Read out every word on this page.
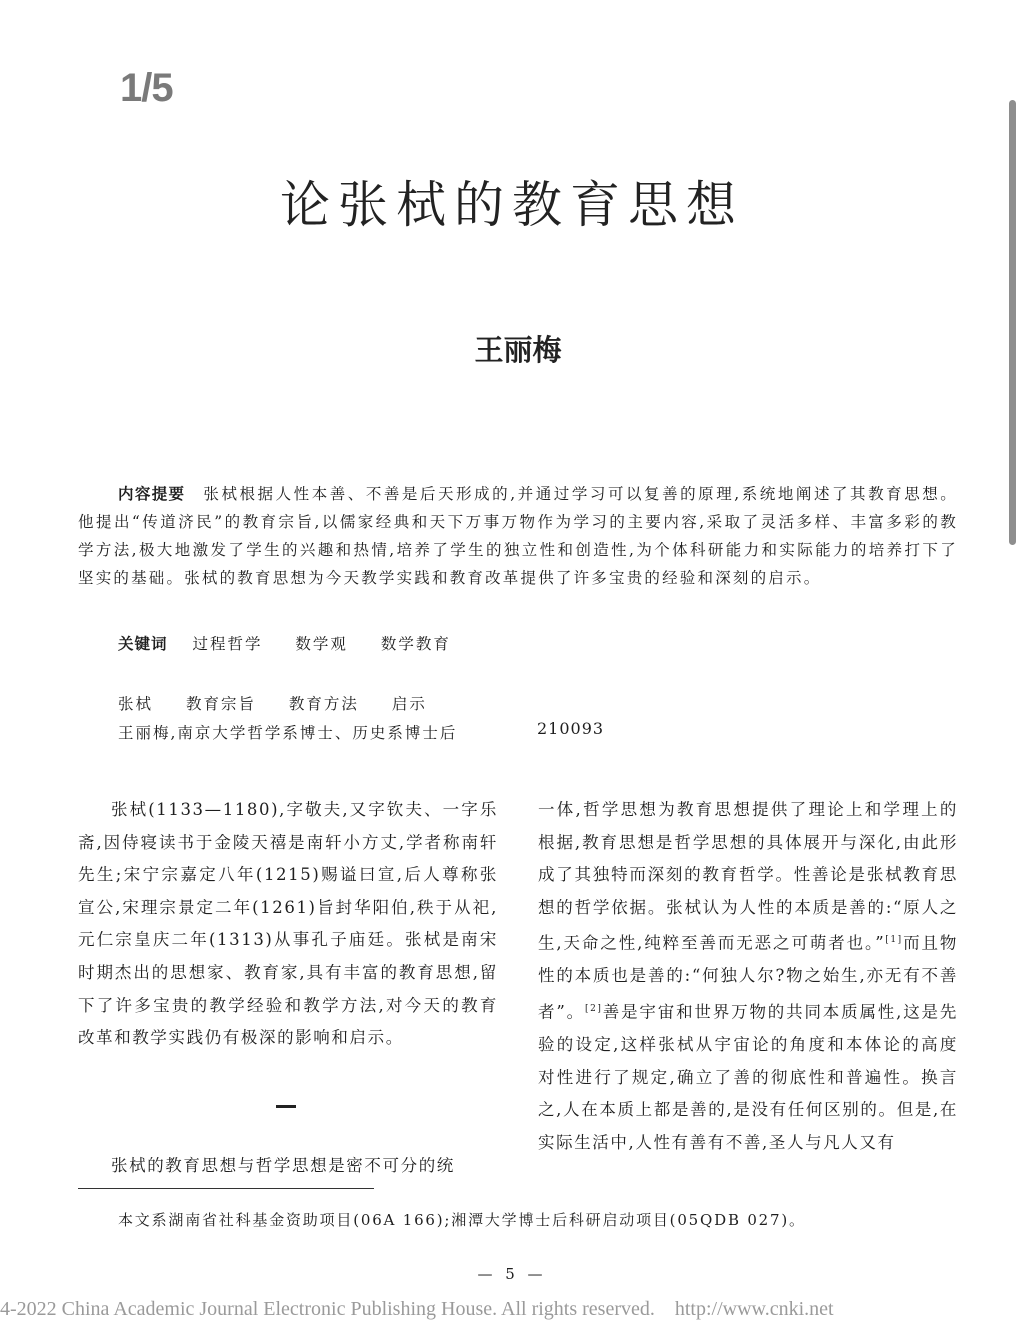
1/5
论张栻的教育思想
王丽梅
内容提要 张栻根据人性本善、不善是后天形成的,并通过学习可以复善的原理,系统地阐述了其教育思想。他提出“传道济民”的教育宗旨,以儒家经典和天下万事万物作为学习的主要内容,采取了灵活多样、丰富多彩的教学方法,极大地激发了学生的兴趣和热情,培养了学生的独立性和创造性,为个体科研能力和实际能力的培养打下了坚实的基础。张栻的教育思想为今天教学实践和教育改革提供了许多宝贵的经验和深刻的启示。
关键词 过程哲学 数学观 数学教育
张栻 教育宗旨 教育方法 启示
王丽梅,南京大学哲学系博士、历史系博士后	210093

张栻(1133—1180),字敬夫,又字钦夫、一字乐斋,因侍寝读书于金陵天禧是南轩小方丈,学者称南轩先生;宋宁宗嘉定八年(1215)赐谥曰宣,后人尊称张宣公,宋理宗景定二年(1261)旨封华阳伯,秩于从祀,元仁宗皇庆二年(1313)从事孔子庙廷。张栻是南宋时期杰出的思想家、教育家,具有丰富的教育思想,留下了许多宝贵的教学经验和教学方法,对今天的教育改革和教学实践仍有极深的影响和启示。

张栻的教育思想与哲学思想是密不可分的统

一体,哲学思想为教育思想提供了理论上和学理上的根据,教育思想是哲学思想的具体展开与深化,由此形成了其独特而深刻的教育哲学。性善论是张栻教育思想的哲学依据。张栻认为人性的本质是善的:“原人之生,天命之性,纯粹至善而无恶之可萌者也。”[1]而且物性的本质也是善的:“何独人尔?物之始生,亦无有不善者”。[2]善是宇宙和世界万物的共同本质属性,这是先验的设定,这样张栻从宇宙论的角度和本体论的高度对性进行了规定,确立了善的彻底性和普遍性。换言之,人在本质上都是善的,是没有任何区别的。但是,在实际生活中,人性有善有不善,圣人与凡人又有

本文系湖南省社科基金资助项目(06A 166);湘潭大学博士后科研启动项目(05QDB 027)。
— 5 —
4-2022 China Academic Journal Electronic Publishing House. All rights reserved. http://www.cnki.net
